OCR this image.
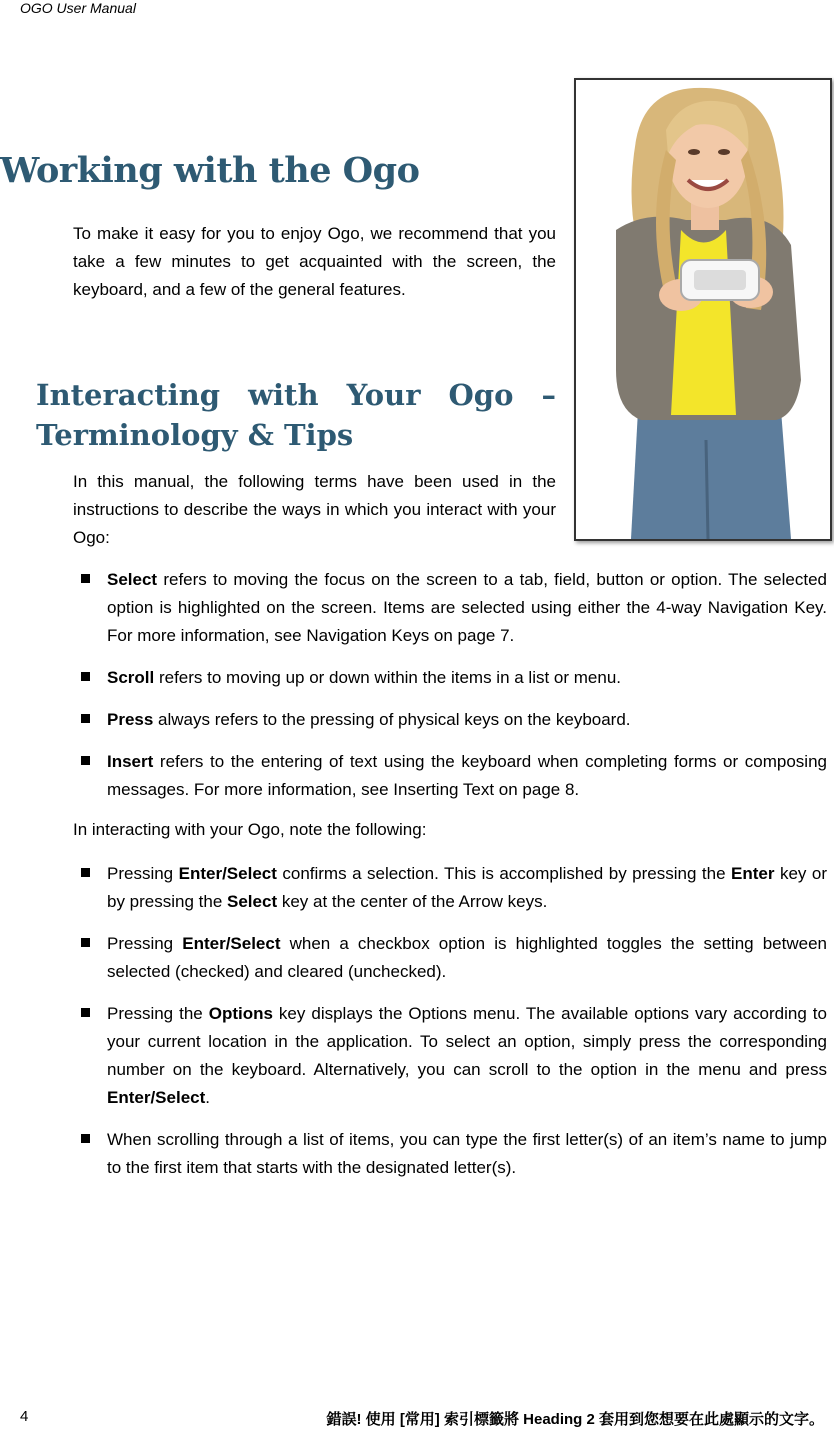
OGO User Manual
Working with the Ogo
To make it easy for you to enjoy Ogo, we recommend that you take a few minutes to get acquainted with the screen, the keyboard, and a few of the general features.
Interacting with Your Ogo –
Terminology & Tips
In this manual, the following terms have been used in the instructions to describe the ways in which you interact with your Ogo:
Select refers to moving the focus on the screen to a tab, field, button or option. The selected option is highlighted on the screen. Items are selected using either the 4-way Navigation Key. For more information, see Navigation Keys on page 7.
Scroll refers to moving up or down within the items in a list or menu.
Press always refers to the pressing of physical keys on the keyboard.
Insert refers to the entering of text using the keyboard when completing forms or composing messages. For more information, see Inserting Text on page 8.
In interacting with your Ogo, note the following:
Pressing Enter/Select confirms a selection. This is accomplished by pressing the Enter key or by pressing the Select key at the center of the Arrow keys.
Pressing Enter/Select when a checkbox option is highlighted toggles the setting between selected (checked) and cleared (unchecked).
Pressing the Options key displays the Options menu. The available options vary according to your current location in the application. To select an option, simply press the corresponding number on the keyboard. Alternatively, you can scroll to the option in the menu and press Enter/Select.
When scrolling through a list of items, you can type the first letter(s) of an item’s name to jump to the first item that starts with the designated letter(s).
4	錯誤! 使用 [常用] 索引標籤將 Heading 2 套用到您想要在此處顯示的文字。
